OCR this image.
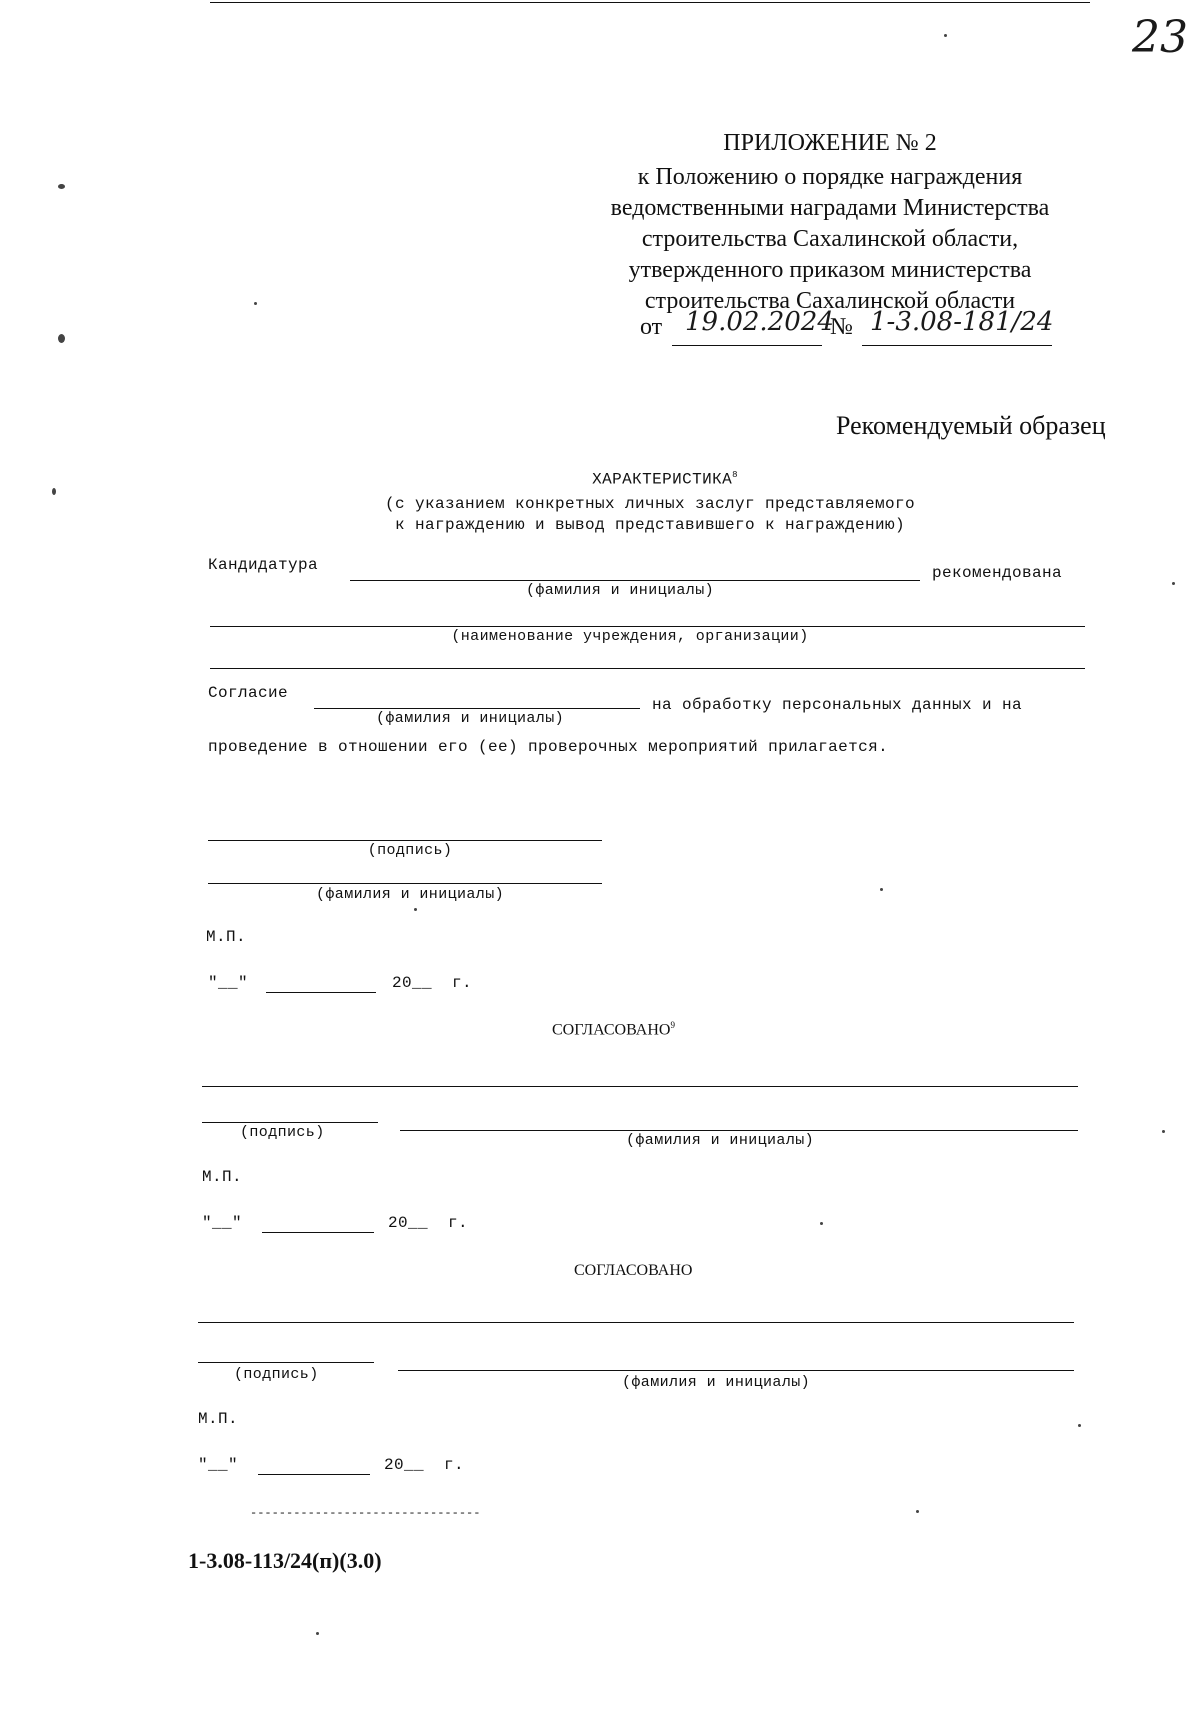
23
ПРИЛОЖЕНИЕ № 2
к Положению о порядке награждения
ведомственными наградами Министерства
строительства Сахалинской области,
утвержденного приказом министерства
строительства Сахалинской области
от 19.02.2024
№ 1-3.08-181/24
Рекомендуемый образец
ХАРАКТЕРИСТИКА$^8$
(с указанием конкретных личных заслуг представляемого
к награждению и вывод представившего к награждению)
Кандидатура	рекомендована
(фамилия и инициалы)
(наименование учреждения, организации)
Согласие
на обработку персональных данных и на
(фамилия и инициалы)
проведение в отношении его (ее) проверочных мероприятий прилагается.
(подпись)
(фамилия и инициалы)
М.П.
"__"	20__ г.
СОГЛАСОВАНО$^9$
(подпись)	(фамилия и инициалы)
М.П.
"__"	20__ г.
СОГЛАСОВАНО
(подпись)	(фамилия и инициалы)
М.П.
"__"	20__ г.
--------------------------------
1-3.08-113/24(п)(3.0)
